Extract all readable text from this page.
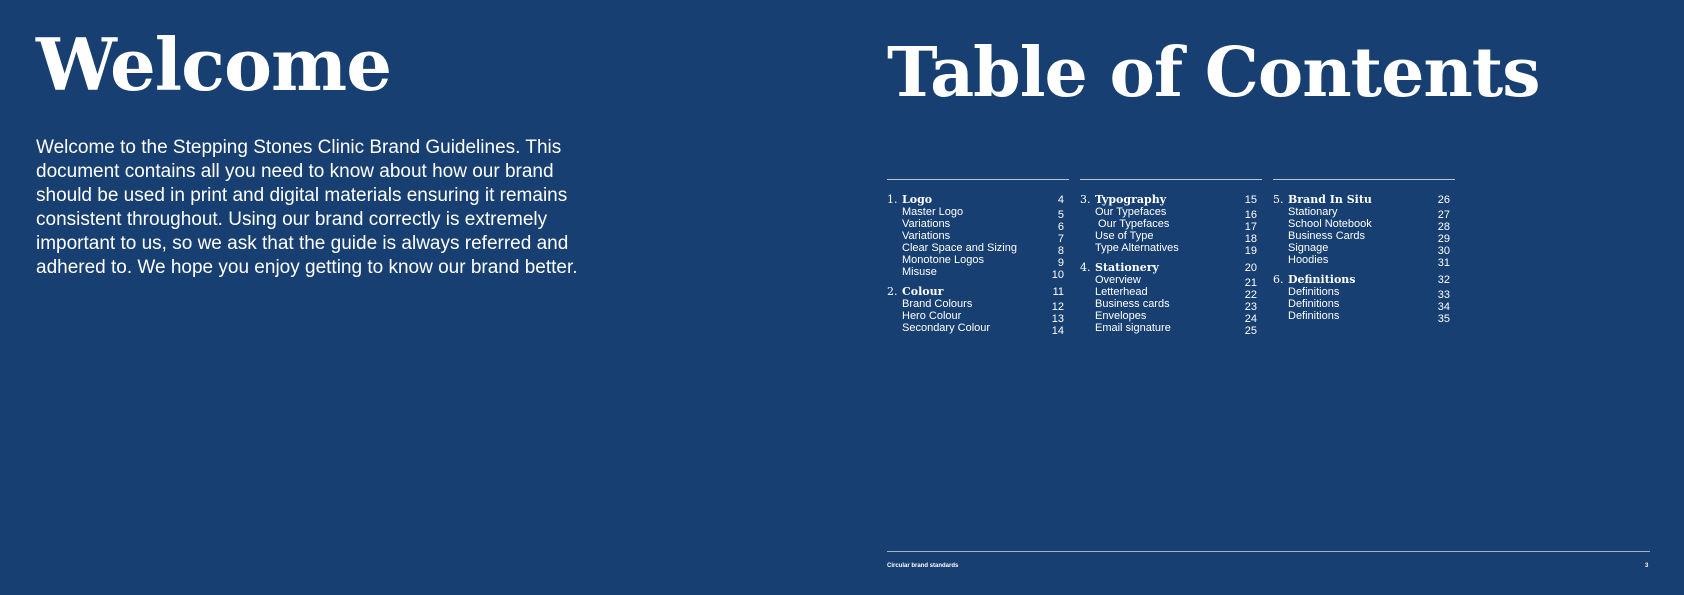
Welcome

Welcome to the Stepping Stones Clinic Brand Guidelines. This document contains all you need to know about how our brand should be used in print and digital materials ensuring it remains consistent throughout. Using our brand correctly is extremely important to us, so we ask that the guide is always referred and adhered to. We hope you enjoy getting to know our brand better.

Table of Contents
1. Logo	4
Master Logo	5
Variations	6
Variations	7
Clear Space and Sizing	8
Monotone Logos	9
Misuse	10
2. Colour	11
Brand Colours	12
Hero Colour	13
Secondary Colour	14
3. Typography	15
Our Typefaces	16
Our Typefaces	17
Use of Type	18
Type Alternatives	19
4. Stationery	20
Overview	21
Letterhead	22
Business cards	23
Envelopes	24
Email signature	25
5. Brand In Situ	26
Stationary	27
School Notebook	28
Business Cards	29
Signage	30
Hoodies	31
6. Definitions	32
Definitions	33
Definitions	34
Definitions	35
Circular brand standards	3
